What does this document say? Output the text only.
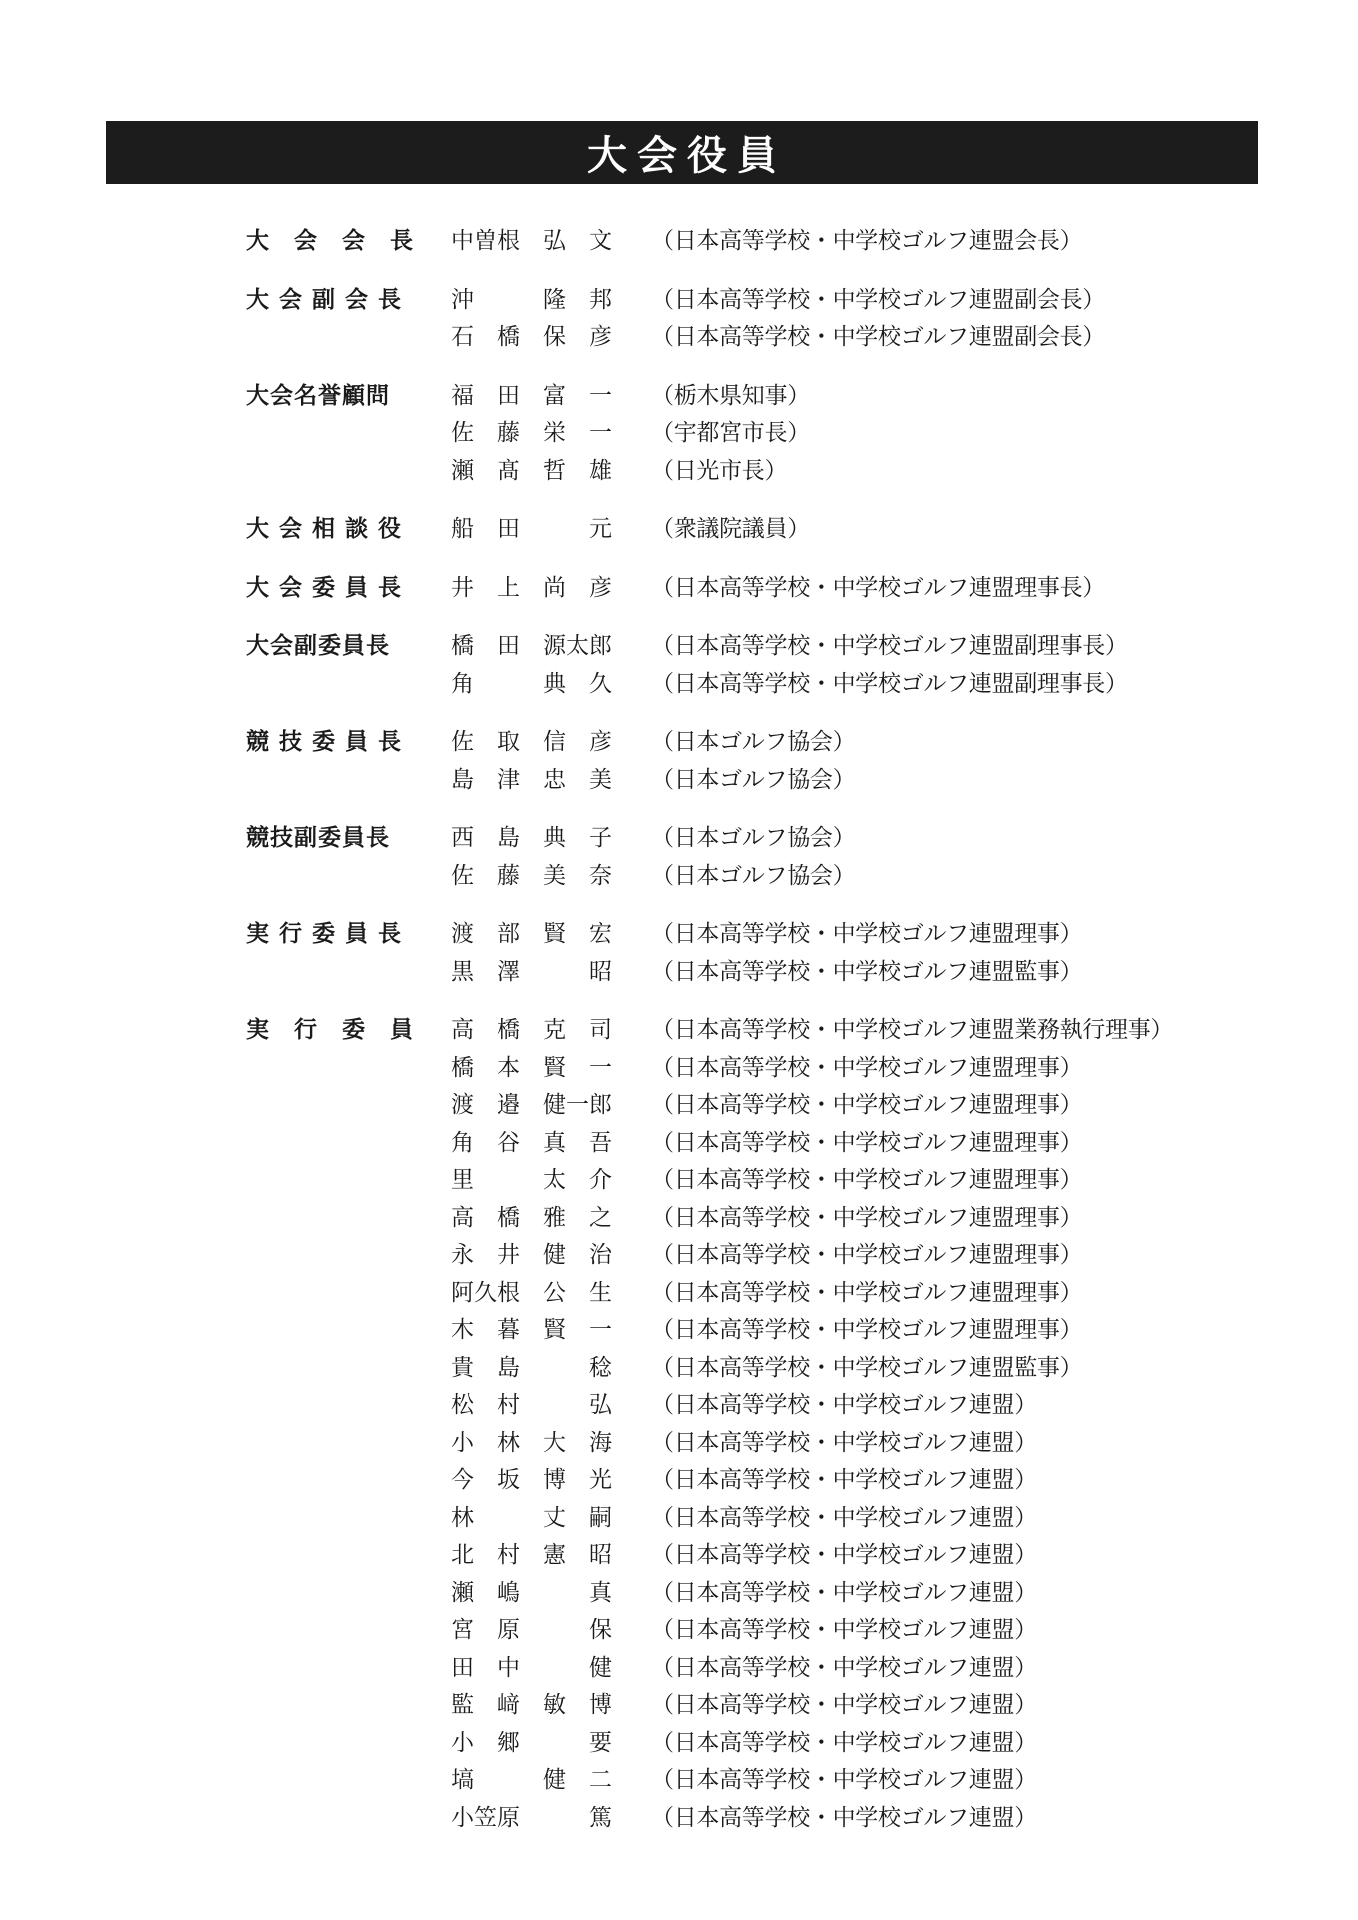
大会役員
大　会　会　長 中曽根　弘　文 （日本高等学校・中学校ゴルフ連盟会長）
大 会 副 会 長 沖　　　隆　邦 （日本高等学校・中学校ゴルフ連盟副会長）
石　橋　保　彦 （日本高等学校・中学校ゴルフ連盟副会長）
大会名誉顧問	福　田　富　一 （栃木県知事）
佐　藤　栄　一 （宇都宮市長）
瀬　髙　哲　雄 （日光市長）
大 会 相 談 役 船　田　　　元 （衆議院議員）
大 会 委 員 長 井　上　尚　彦 （日本高等学校・中学校ゴルフ連盟理事長）
大会副委員長	橋　田　源太郎 （日本高等学校・中学校ゴルフ連盟副理事長）
角　　　典　久 （日本高等学校・中学校ゴルフ連盟副理事長）
競 技 委 員 長 佐　取　信　彦 （日本ゴルフ協会）
島　津　忠　美 （日本ゴルフ協会）
競技副委員長	西　島　典　子 （日本ゴルフ協会）
佐　藤　美　奈 （日本ゴルフ協会）
実 行 委 員 長 渡　部　賢　宏 （日本高等学校・中学校ゴルフ連盟理事）
黒　澤　　　昭 （日本高等学校・中学校ゴルフ連盟監事）
実　行　委　員 高　橋　克　司 （日本高等学校・中学校ゴルフ連盟業務執行理事）
橋　本　賢　一 （日本高等学校・中学校ゴルフ連盟理事）
渡　邉　健一郎 （日本高等学校・中学校ゴルフ連盟理事）
角　谷　真　吾 （日本高等学校・中学校ゴルフ連盟理事）
里　　　太　介 （日本高等学校・中学校ゴルフ連盟理事）
高　橋　雅　之 （日本高等学校・中学校ゴルフ連盟理事）
永　井　健　治 （日本高等学校・中学校ゴルフ連盟理事）
阿久根　公　生 （日本高等学校・中学校ゴルフ連盟理事）
木　暮　賢　一 （日本高等学校・中学校ゴルフ連盟理事）
貴　島　　　稔 （日本高等学校・中学校ゴルフ連盟監事）
松　村　　　弘 （日本高等学校・中学校ゴルフ連盟）
小　林　大　海 （日本高等学校・中学校ゴルフ連盟）
今　坂　博　光 （日本高等学校・中学校ゴルフ連盟）
林　　　丈　嗣 （日本高等学校・中学校ゴルフ連盟）
北　村　憲　昭 （日本高等学校・中学校ゴルフ連盟）
瀬　嶋　　　真 （日本高等学校・中学校ゴルフ連盟）
宮　原　　　保 （日本高等学校・中学校ゴルフ連盟）
田　中　　　健 （日本高等学校・中学校ゴルフ連盟）
監　﨑　敏　博 （日本高等学校・中学校ゴルフ連盟）
小　郷　　　要 （日本高等学校・中学校ゴルフ連盟）
塙　　　健　二 （日本高等学校・中学校ゴルフ連盟）
小笠原　　　篤 （日本高等学校・中学校ゴルフ連盟）
